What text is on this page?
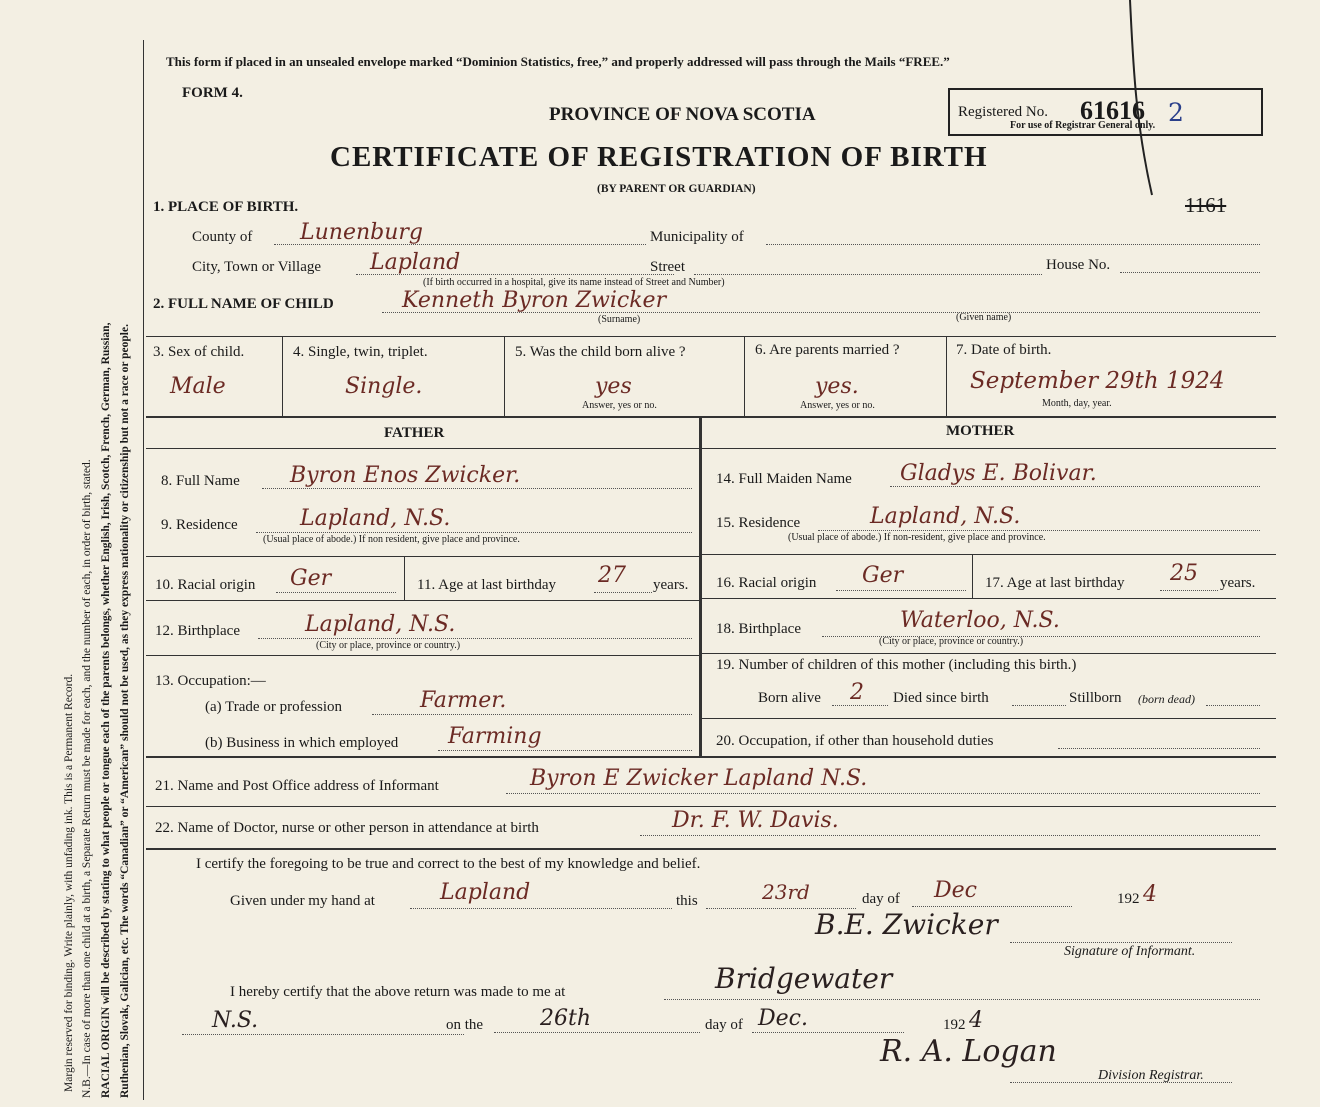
Margin reserved for binding. Write plainly, with unfading ink. This is a Permanent Record. N.B.—In case of more than one child at a birth, a Separate Return must be made for each, and the number of each, in order of birth, stated. RACIAL ORIGIN will be described by stating to what people or tongue each of the parents belongs, whether English, Irish, Scotch, French, German, Russian, Ruthenian, Slovak, Galician, etc. The words “Canadian” or “American” should not be used, as they express nationality or citizenship but not a race or people.
This form if placed in an unsealed envelope marked “Dominion Statistics, free,” and properly addressed will pass through the Mails “FREE.”
FORM 4.
PROVINCE OF NOVA SCOTIA
CERTIFICATE OF REGISTRATION OF BIRTH
(BY PARENT OR GUARDIAN)
Registered No. 61616 2
For use of Registrar General only.
1161
1. PLACE OF BIRTH.
County of Lunenburg	Municipality of
City, Town or Village Lapland	Street	House No.
(If birth occurred in a hospital, give its name instead of Street and Number)
2. FULL NAME OF CHILD	Kenneth Byron Zwicker
(Surname)	(Given name)
3. Sex of child.
Male
4. Single, twin, triplet.
Single.
5. Was the child born alive ?
yes
Answer, yes or no.
6. Are parents married ?
yes.
Answer, yes or no.
7. Date of birth.
September 29th 1924
Month, day, year.
FATHER	MOTHER
8. Full Name Byron Enos Zwicker.
9. Residence	Lapland, N.S.
(Usual place of abode.) If non resident, give place and province.
10. Racial origin Ger	11. Age at last birthday 27 years.
12. Birthplace	Lapland, N.S.
(City or place, province or country.)
13. Occupation:—
(a) Trade or profession	Farmer.
(b) Business in which employed Farming
14. Full Maiden Name Gladys E. Bolivar.
15. Residence	Lapland, N.S.
(Usual place of abode.) If non-resident, give place and province.
16. Racial origin Ger	17. Age at last birthday 25 years.
18. Birthplace	Waterloo, N.S.
(City or place, province or country.)
19. Number of children of this mother (including this birth.)
Born alive 2 Died since birth	Stillborn (born dead)
20. Occupation, if other than household duties
21. Name and Post Office address of Informant	Byron E Zwicker Lapland N.S.
22. Name of Doctor, nurse or other person in attendance at birth	Dr. F. W. Davis.
I certify the foregoing to be true and correct to the best of my knowledge and belief.
Given under my hand at	Lapland	this	23rd	day of Dec	192 4
B.E. Zwicker
Signature of Informant.
I hereby certify that the above return was made to me at	Bridgewater
N.S.	on the	26th	day of Dec.	192 4
R. A. Logan
Division Registrar.
